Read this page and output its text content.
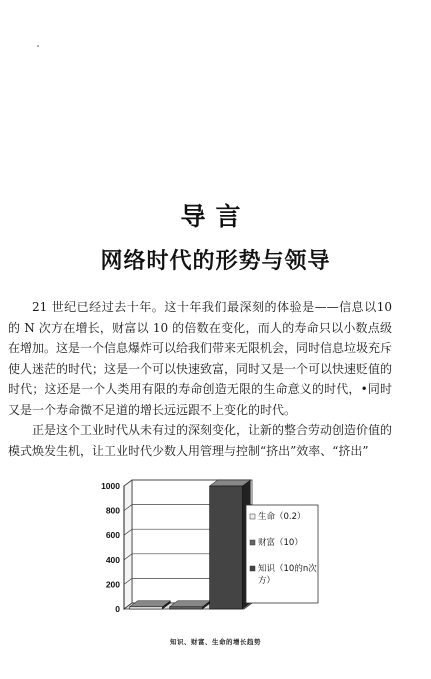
导言
网络时代的形势与领导

21 世纪已经过去十年。这十年我们最深刻的体验是——信息以10 的 N 次方在增长，财富以 10 的倍数在变化，而人的寿命只以小数点级在增加。这是一个信息爆炸可以给我们带来无限机会，同时信息垃圾充斥使人迷茫的时代；这是一个可以快速致富，同时又是一个可以快速贬值的时代；这还是一个人类用有限的寿命创造无限的生命意义的时代，•同时又是一个寿命微不足道的增长远远跟不上变化的时代。

正是这个工业时代从未有过的深刻变化，让新的整合劳动创造价值的模式焕发生机，让工业时代少数人用管理与控制“挤出”效率、“挤出”

0
200
400
600
800
1000
生命（0.2）
财富（10）
知识（10的n次方）
知识、财富、生命的增长趋势
